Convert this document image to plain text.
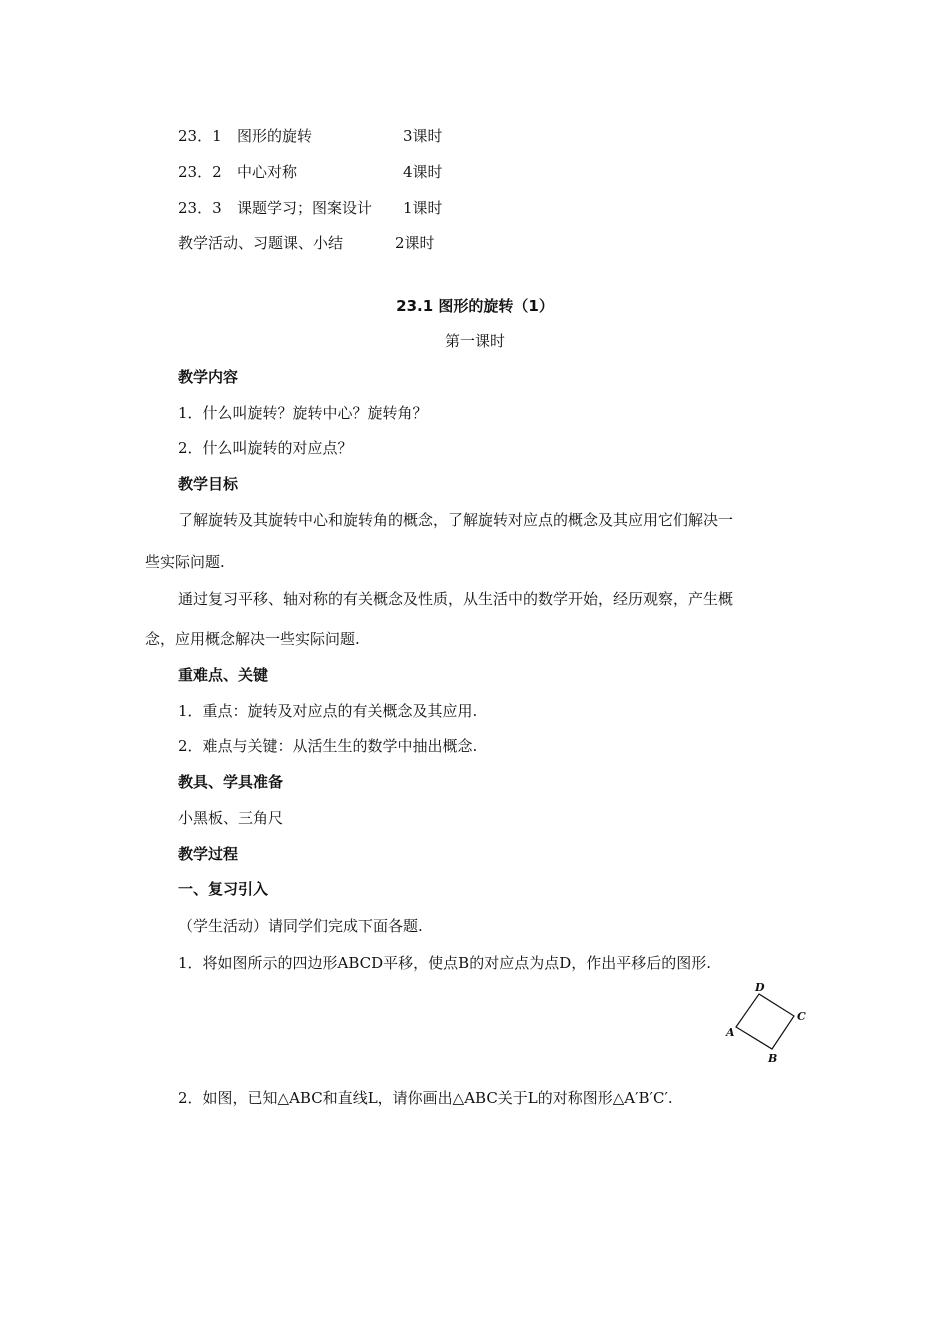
23．1 图形的旋转	3课时
23．2 中心对称	4课时
23．3 课题学习；图案设计 1课时
教学活动、习题课、小结	2课时
23.1 图形的旋转（1）
第一课时
教学内容
1．什么叫旋转？旋转中心？旋转角？
2．什么叫旋转的对应点？
教学目标
了解旋转及其旋转中心和旋转角的概念，了解旋转对应点的概念及其应用它们解决一
些实际问题.
通过复习平移、轴对称的有关概念及性质，从生活中的数学开始，经历观察，产生概
念，应用概念解决一些实际问题.
重难点、关键
1．重点：旋转及对应点的有关概念及其应用.
2．难点与关键：从活生生的数学中抽出概念.
教具、学具准备
小黑板、三角尺
教学过程
一、复习引入
（学生活动）请同学们完成下面各题.
1．将如图所示的四边形ABCD平移，使点B的对应点为点D，作出平移后的图形.
D
C
B
A
2．如图，已知△ABC和直线L，请你画出△ABC关于L的对称图形△A′B′C′.
